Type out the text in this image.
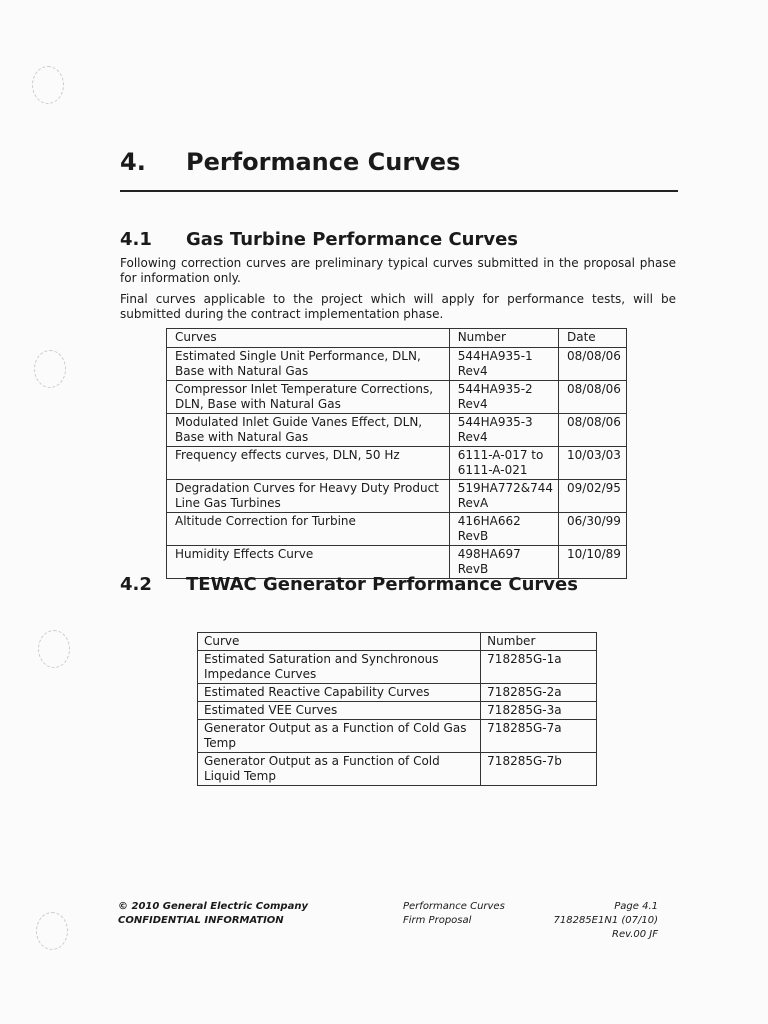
4. Performance Curves
4.1 Gas Turbine Performance Curves
Following correction curves are preliminary typical curves submitted in the proposal phase for information only.
Final curves applicable to the project which will apply for performance tests, will be submitted during the contract implementation phase.
Curves	Number	Date
Estimated Single Unit Performance, DLN, Base with Natural Gas	544HA935-1 Rev4	08/08/06
Compressor Inlet Temperature Corrections, DLN, Base with Natural Gas	544HA935-2 Rev4	08/08/06
Modulated Inlet Guide Vanes Effect, DLN, Base with Natural Gas	544HA935-3 Rev4	08/08/06
Frequency effects curves, DLN, 50 Hz	6111-A-017 to 6111-A-021	10/03/03
Degradation Curves for Heavy Duty Product Line Gas Turbines	519HA772&744 RevA	09/02/95
Altitude Correction for Turbine	416HA662 RevB	06/30/99
Humidity Effects Curve	498HA697 RevB	10/10/89
4.2 TEWAC Generator Performance Curves
Curve	Number
Estimated Saturation and Synchronous Impedance Curves	718285G-1a
Estimated Reactive Capability Curves	718285G-2a
Estimated VEE Curves	718285G-3a
Generator Output as a Function of Cold Gas Temp	718285G-7a
Generator Output as a Function of Cold Liquid Temp	718285G-7b
© 2010 General Electric Company
CONFIDENTIAL INFORMATION
Performance Curves
Firm Proposal
Page 4.1
718285E1N1 (07/10) Rev.00 JF
